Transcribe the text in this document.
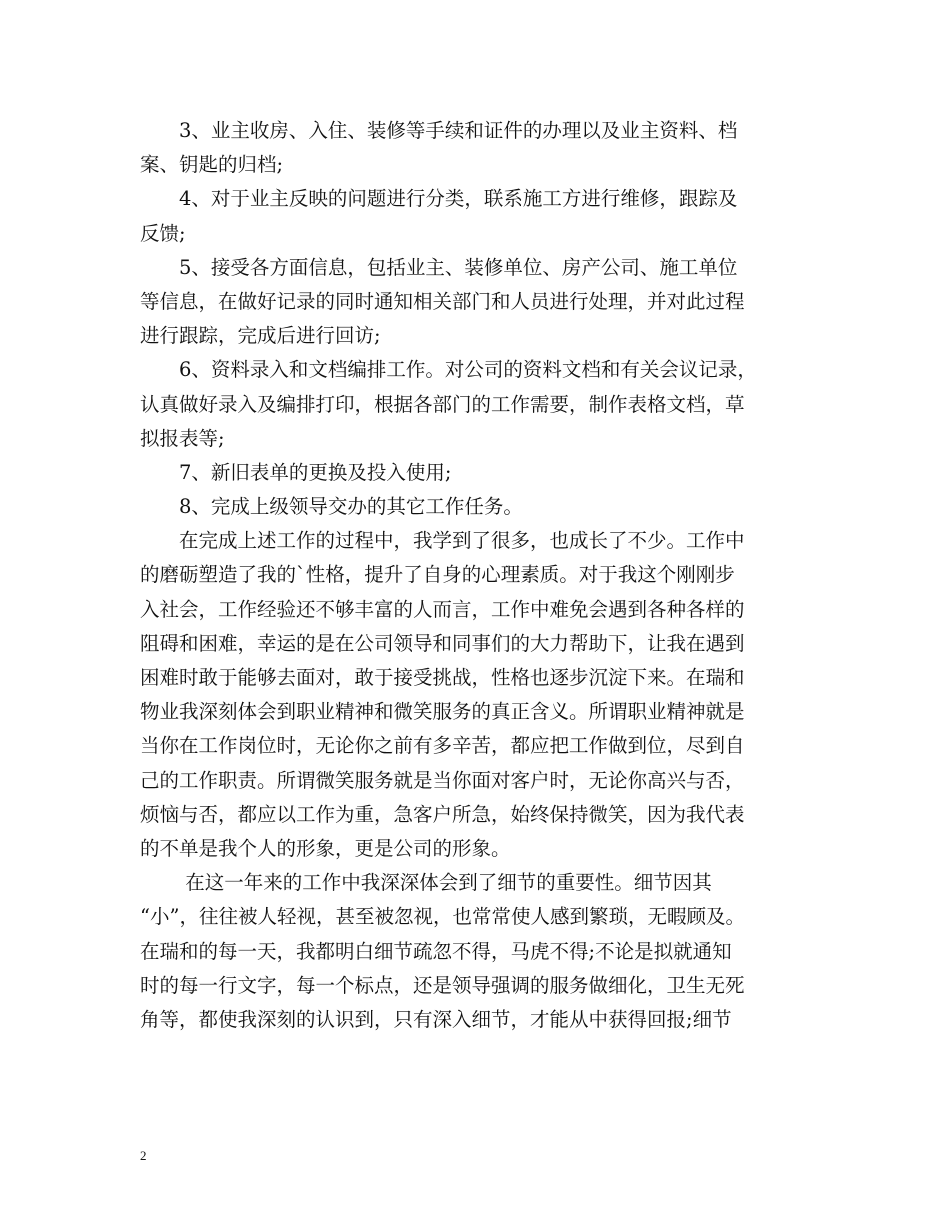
　　3、业主收房、入住、装修等手续和证件的办理以及业主资料、档
案、钥匙的归档;
　　4、对于业主反映的问题进行分类，联系施工方进行维修，跟踪及
反馈;
　　5、接受各方面信息，包括业主、装修单位、房产公司、施工单位
等信息，在做好记录的同时通知相关部门和人员进行处理，并对此过程
进行跟踪，完成后进行回访;
　　6、资料录入和文档编排工作。对公司的资料文档和有关会议记录，
认真做好录入及编排打印，根据各部门的工作需要，制作表格文档，草
拟报表等;
　　7、新旧表单的更换及投入使用;
　　8、完成上级领导交办的其它工作任务。
　　在完成上述工作的过程中，我学到了很多，也成长了不少。工作中
的磨砺塑造了我的`性格，提升了自身的心理素质。对于我这个刚刚步
入社会，工作经验还不够丰富的人而言，工作中难免会遇到各种各样的
阻碍和困难，幸运的是在公司领导和同事们的大力帮助下，让我在遇到
困难时敢于能够去面对，敢于接受挑战，性格也逐步沉淀下来。在瑞和
物业我深刻体会到职业精神和微笑服务的真正含义。所谓职业精神就是
当你在工作岗位时，无论你之前有多辛苦，都应把工作做到位，尽到自
己的工作职责。所谓微笑服务就是当你面对客户时，无论你高兴与否，
烦恼与否，都应以工作为重，急客户所急，始终保持微笑，因为我代表
的不单是我个人的形象，更是公司的形象。
　　 在这一年来的工作中我深深体会到了细节的重要性。细节因其
“小”，往往被人轻视，甚至被忽视，也常常使人感到繁琐，无暇顾及。
在瑞和的每一天，我都明白细节疏忽不得，马虎不得;不论是拟就通知
时的每一行文字，每一个标点，还是领导强调的服务做细化，卫生无死
角等，都使我深刻的认识到，只有深入细节，才能从中获得回报;细节
2
